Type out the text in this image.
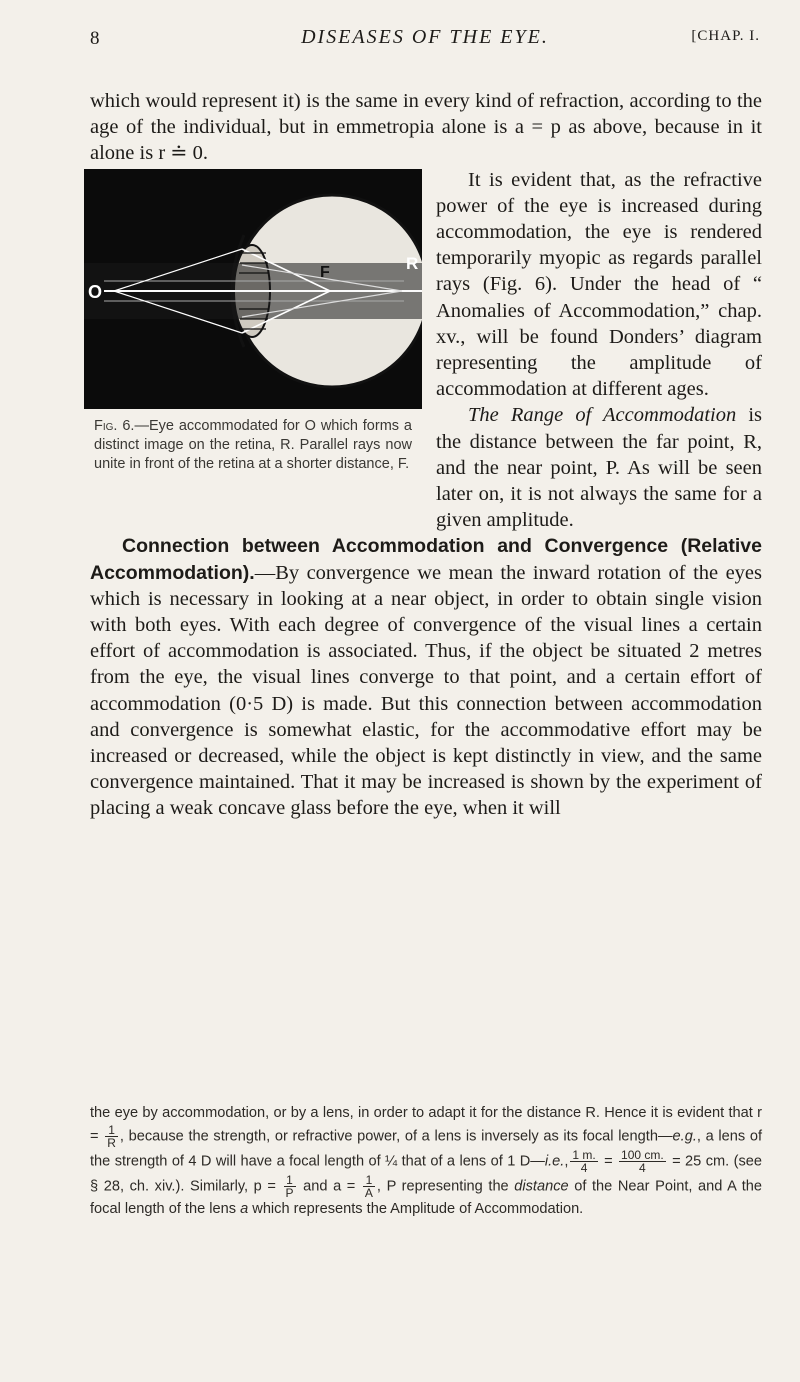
8	DISEASES OF THE EYE.	[CHAP. I.

which would represent it) is the same in every kind of refraction, according to the age of the individual, but in emmetropia alone is a = p as above, because in it alone is r ≐ 0.

O
F	R
Fig. 6.—Eye accommodated for O which forms a distinct image on the retina, R. Parallel rays now unite in front of the retina at a shorter distance, F.

It is evident that, as the refractive power of the eye is increased during accommodation, the eye is rendered temporarily myopic as regards parallel rays (Fig. 6). Under the head of “ Anomalies of Accommodation,” chap. xv., will be found Donders’ diagram representing the amplitude of accommodation at different ages.

The Range of Accommodation is the distance between the far point, R, and the near point, P. As will be seen later on, it is not always the same for a given amplitude.

Connection between Accommodation and Convergence (Relative Accommodation).—By convergence we mean the inward rotation of the eyes which is necessary in looking at a near object, in order to obtain single vision with both eyes. With each degree of convergence of the visual lines a certain effort of accommodation is associated. Thus, if the object be situated 2 metres from the eye, the visual lines converge to that point, and a certain effort of accommodation (0·5 D) is made. But this connection between accommodation and convergence is somewhat elastic, for the accommodative effort may be increased or decreased, while the object is kept distinctly in view, and the same convergence maintained. That it may be increased is shown by the experiment of placing a weak concave glass before the eye, when it will

the eye by accommodation, or by a lens, in order to adapt it for the distance R. Hence it is evident that $r = \frac{1}{R}$ , because the strength, or refractive power, of a lens is inversely as its focal length—e.g., a lens of the strength of 4 D will have a focal length of ¼ that of a lens of 1 D—i.e., $\frac{1 m.}{4} = \frac{100 cm.}{4} = 25$ cm. (see § 28, ch. xiv.). Similarly, $p = \frac{1}{P}$ and $a = \frac{1}{A}$ , P representing the distance of the Near Point, and A the focal length of the lens a which represents the Amplitude of Accommodation.
